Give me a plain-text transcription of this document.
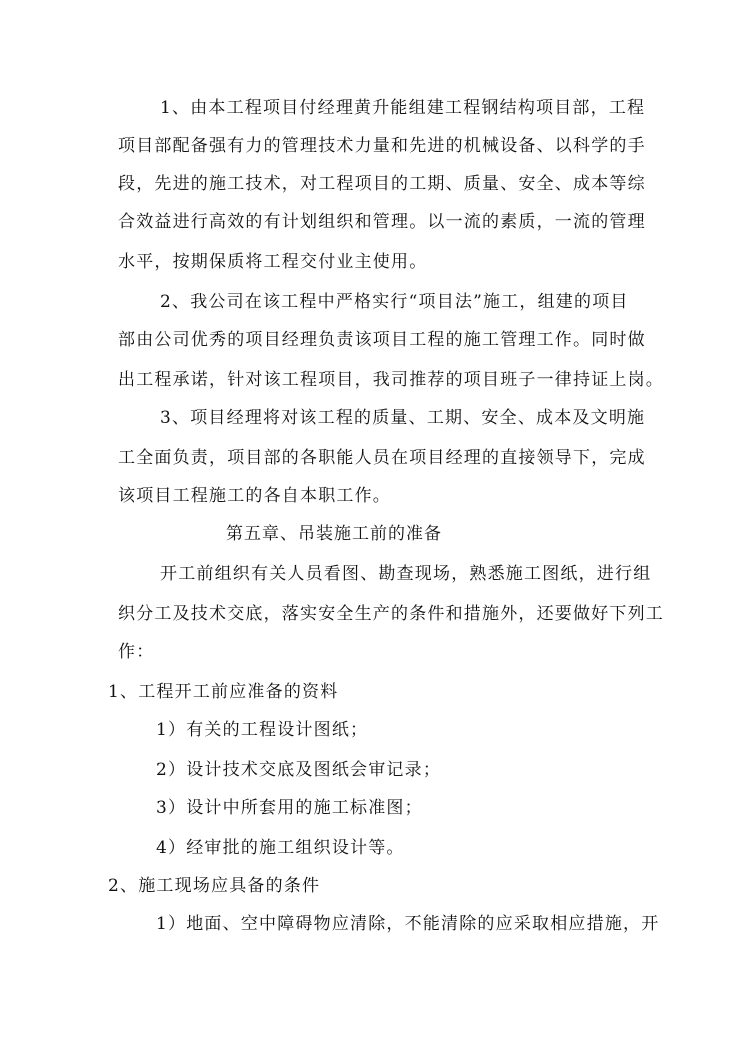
1、由本工程项目付经理黄升能组建工程钢结构项目部，工程
项目部配备强有力的管理技术力量和先进的机械设备、以科学的手
段，先进的施工技术，对工程项目的工期、质量、安全、成本等综
合效益进行高效的有计划组织和管理。以一流的素质，一流的管理
水平，按期保质将工程交付业主使用。
2、我公司在该工程中严格实行“项目法”施工，组建的项目
部由公司优秀的项目经理负责该项目工程的施工管理工作。同时做
出工程承诺，针对该工程项目，我司推荐的项目班子一律持证上岗。
3、项目经理将对该工程的质量、工期、安全、成本及文明施
工全面负责，项目部的各职能人员在项目经理的直接领导下，完成
该项目工程施工的各自本职工作。
第五章、吊装施工前的准备
开工前组织有关人员看图、勘查现场，熟悉施工图纸，进行组
织分工及技术交底，落实安全生产的条件和措施外，还要做好下列工
作：
1、工程开工前应准备的资料
1）有关的工程设计图纸；
2）设计技术交底及图纸会审记录；
3）设计中所套用的施工标准图；
4）经审批的施工组织设计等。
2、施工现场应具备的条件
1）地面、空中障碍物应清除，不能清除的应采取相应措施，开
